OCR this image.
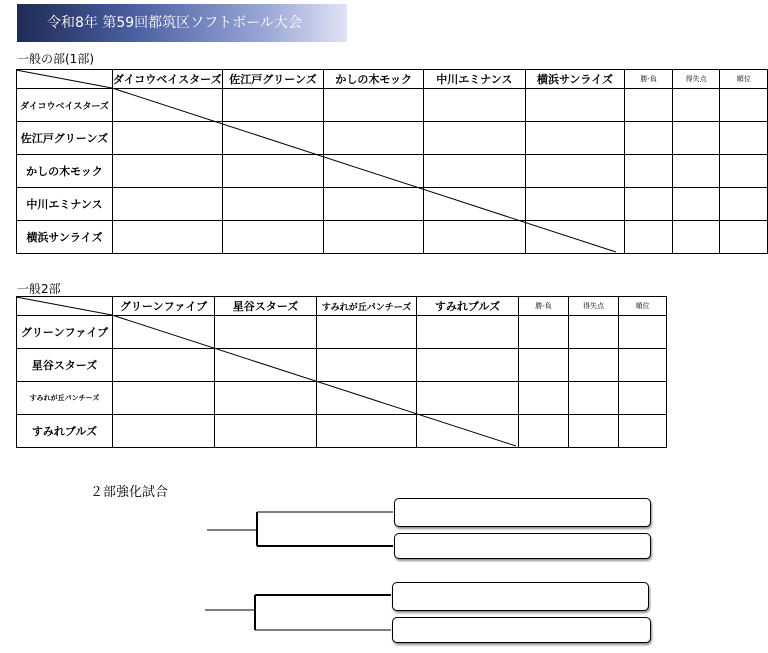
令和8年 第59回都筑区ソフトボール大会
一般の部(1部)
	ダイコウベイスターズ	佐江戸グリーンズ	かしの木モック	中川エミナンス	横浜サンライズ	勝-負	得失点	順位
ダイコウベイスターズ								
佐江戸グリーンズ								
かしの木モック								
中川エミナンス								
横浜サンライズ								
一般2部
	グリーンファイブ	星谷スターズ	すみれが丘パンチーズ	すみれブルズ	勝-負	得失点	順位
グリーンファイブ							
星谷スターズ							
すみれが丘パンチーズ							
すみれブルズ							
２部強化試合
